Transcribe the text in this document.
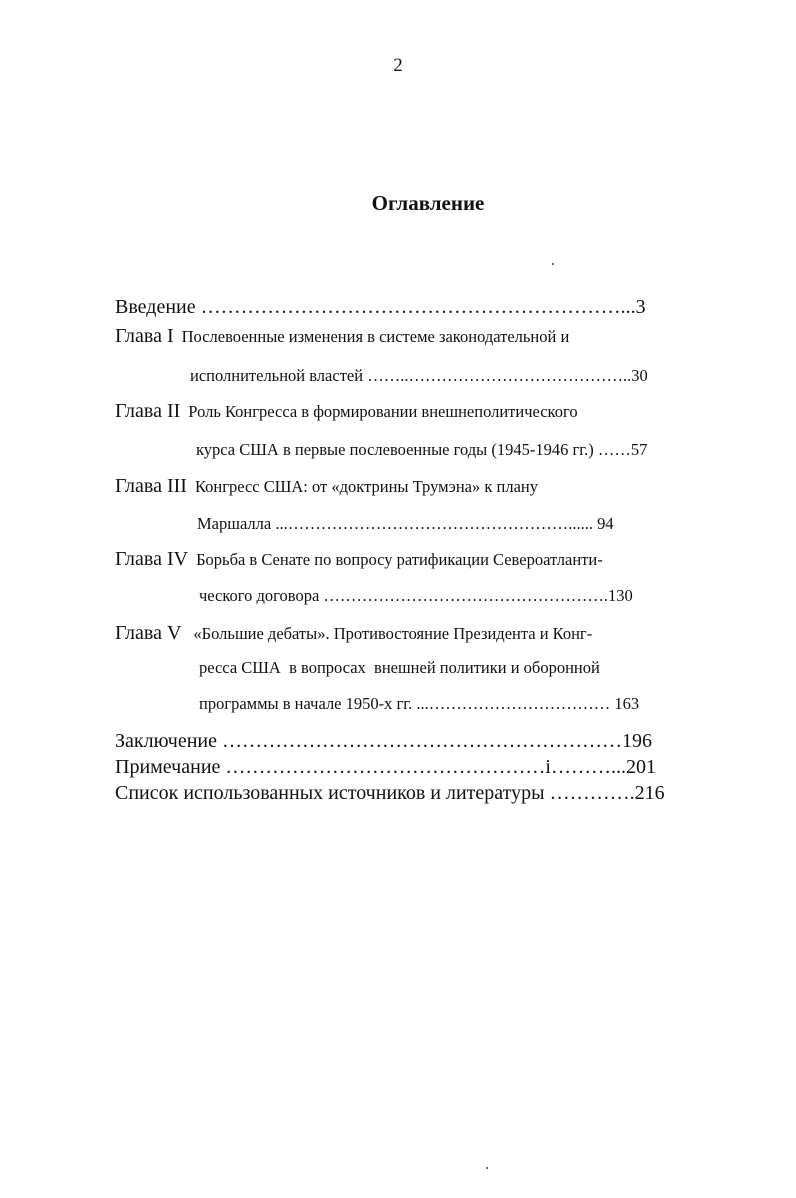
2
Оглавление
Введение ………………………………………………………...3
Глава I Послевоенные изменения в системе законодательной и
исполнительной властей ……..…………………………………..30
Глава II Роль Конгресса в формировании внешнеполитического
курса США в первые послевоенные годы (1945-1946 гг.) ……57
Глава III Конгресс США: от «доктрины Трумэна» к плану
Маршалла ...……………………………………………...... 94
Глава IV Борьба в Сенате по вопросу ратификации Североатланти-
ческого договора …………………………………………….130
Глава V «Большие дебаты». Противостояние Президента и Конг-
ресса США  в вопросах  внешней политики и оборонной
программы в начале 1950-х гг. ...…………………………… 163
Заключение ……………………………………………………196
Примечание …………………………………………i………...201
Список использованных источников и литературы ………….216
